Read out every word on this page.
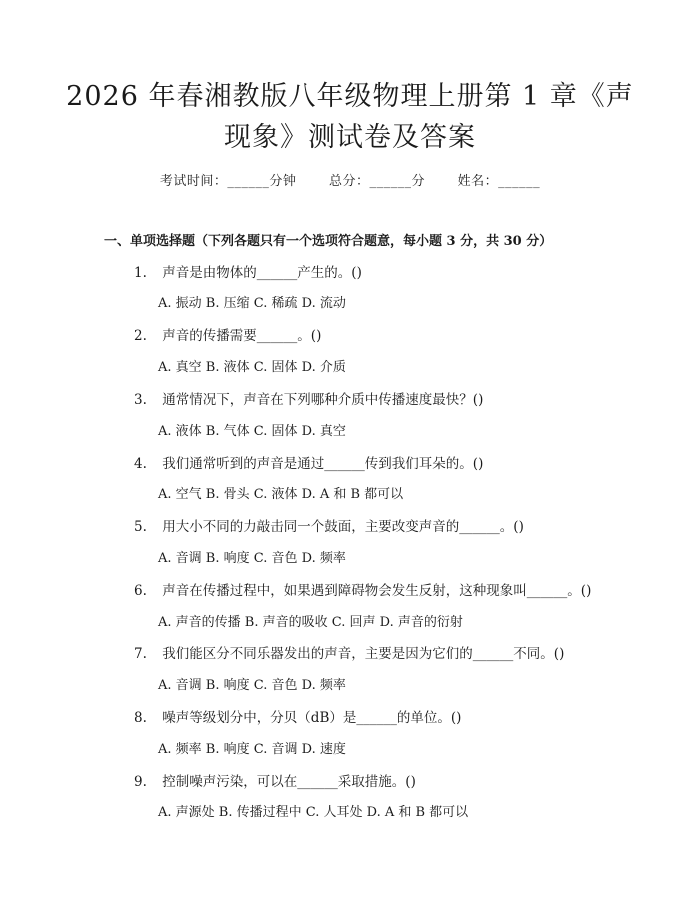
2026 年春湘教版八年级物理上册第 1 章《声
现象》测试卷及答案
考试时间：______分钟	总分：______分	姓名：______
一、单项选择题（下列各题只有一个选项符合题意，每小题 3 分，共 30 分）
1. 声音是由物体的______产生的。()
A. 振动 B. 压缩 C. 稀疏 D. 流动
2. 声音的传播需要______。()
A. 真空 B. 液体 C. 固体 D. 介质
3. 通常情况下，声音在下列哪种介质中传播速度最快？()
A. 液体 B. 气体 C. 固体 D. 真空
4. 我们通常听到的声音是通过______传到我们耳朵的。()
A. 空气 B. 骨头 C. 液体 D. A 和 B 都可以
5. 用大小不同的力敲击同一个鼓面，主要改变声音的______。()
A. 音调 B. 响度 C. 音色 D. 频率
6. 声音在传播过程中，如果遇到障碍物会发生反射，这种现象叫______。()
A. 声音的传播 B. 声音的吸收 C. 回声 D. 声音的衍射
7. 我们能区分不同乐器发出的声音，主要是因为它们的______不同。()
A. 音调 B. 响度 C. 音色 D. 频率
8. 噪声等级划分中，分贝（dB）是______的单位。()
A. 频率 B. 响度 C. 音调 D. 速度
9. 控制噪声污染，可以在______采取措施。()
A. 声源处 B. 传播过程中 C. 人耳处 D. A 和 B 都可以
